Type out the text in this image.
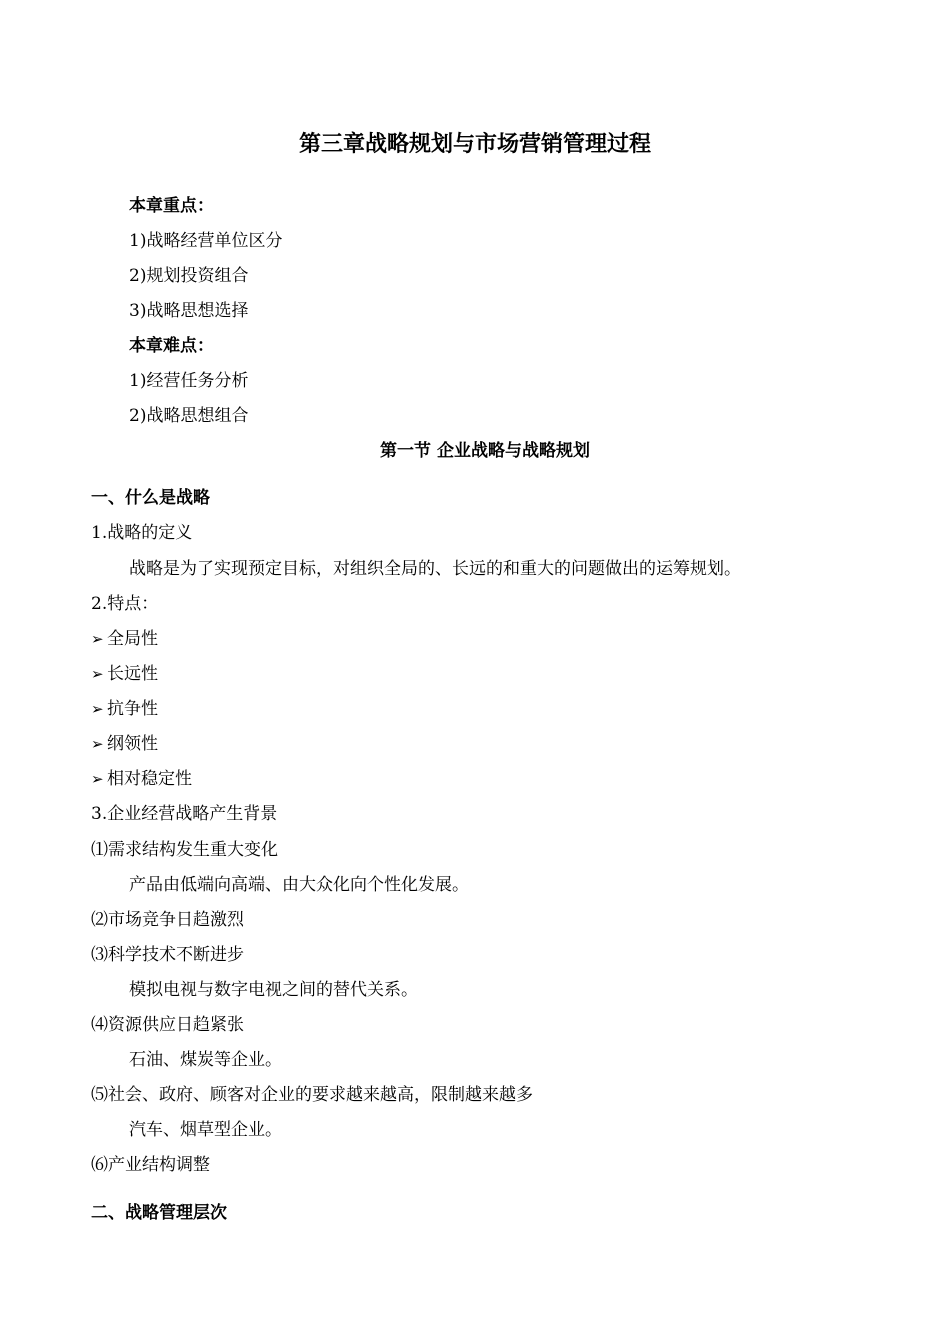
第三章战略规划与市场营销管理过程
本章重点：
1)战略经营单位区分
2)规划投资组合
3)战略思想选择
本章难点：
1)经营任务分析
2)战略思想组合
第一节 企业战略与战略规划
一、什么是战略
1.战略的定义
战略是为了实现预定目标，对组织全局的、长远的和重大的问题做出的运筹规划。
2.特点：
➢ 全局性
➢ 长远性
➢ 抗争性
➢ 纲领性
➢ 相对稳定性
3.企业经营战略产生背景
⑴需求结构发生重大变化
产品由低端向高端、由大众化向个性化发展。
⑵市场竞争日趋激烈
⑶科学技术不断进步
模拟电视与数字电视之间的替代关系。
⑷资源供应日趋紧张
石油、煤炭等企业。
⑸社会、政府、顾客对企业的要求越来越高，限制越来越多
汽车、烟草型企业。
⑹产业结构调整
二、战略管理层次
